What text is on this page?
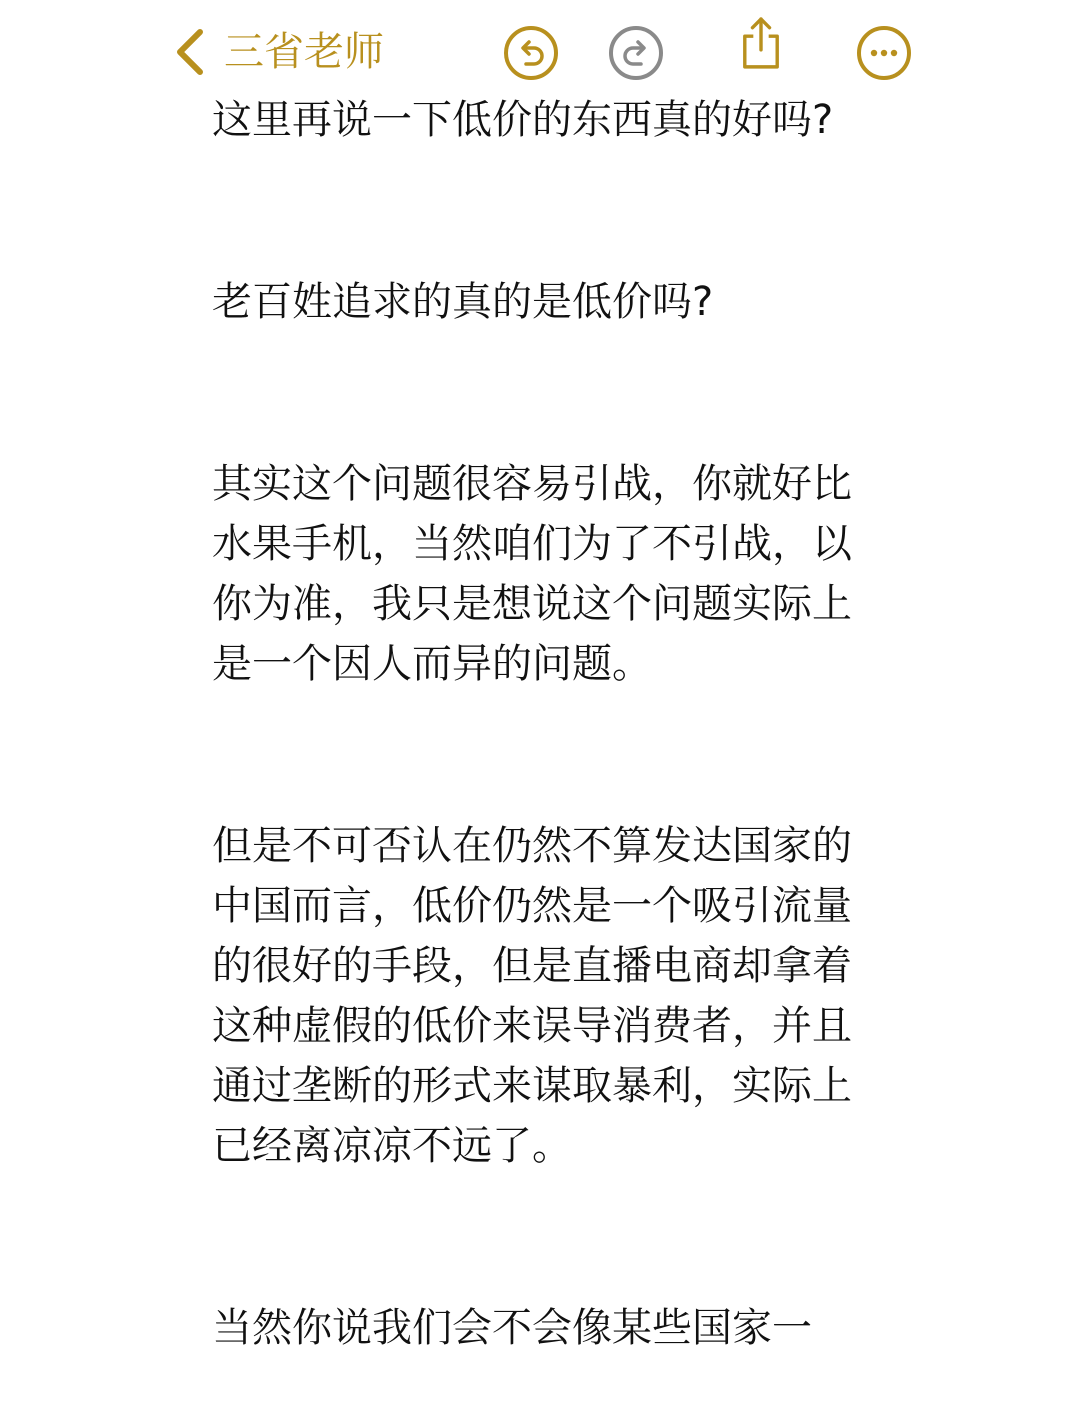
三省老师

这里再说一下低价的东西真的好吗?

老百姓追求的真的是低价吗?

其实这个问题很容易引战，你就好比水果手机，当然咱们为了不引战，以你为准，我只是想说这个问题实际上是一个因人而异的问题。

但是不可否认在仍然不算发达国家的中国而言，低价仍然是一个吸引流量的很好的手段，但是直播电商却拿着这种虚假的低价来误导消费者，并且通过垄断的形式来谋取暴利，实际上已经离凉凉不远了。

当然你说我们会不会像某些国家一
